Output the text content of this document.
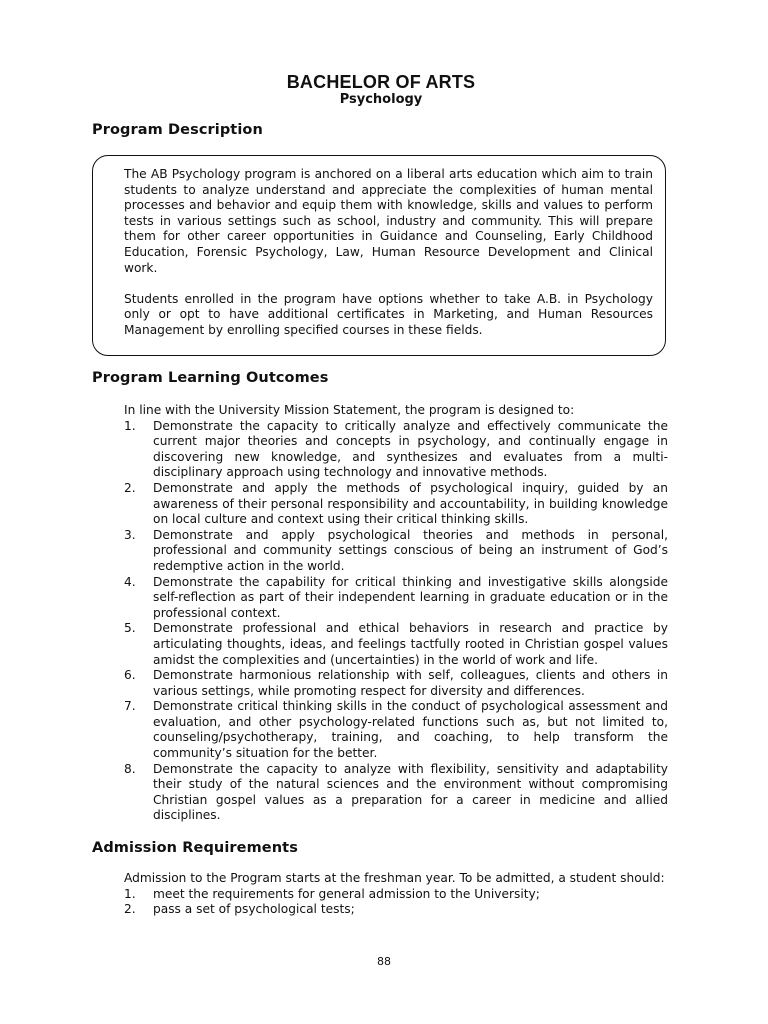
BACHELOR OF ARTS
Psychology
Program Description

The AB Psychology program is anchored on a liberal arts education which aim to train students to analyze understand and appreciate the complexities of human mental processes and behavior and equip them with knowledge, skills and values to perform tests in various settings such as school, industry and community. This will prepare them for other career opportunities in Guidance and Counseling, Early Childhood Education, Forensic Psychology, Law, Human Resource Development and Clinical work.

Students enrolled in the program have options whether to take A.B. in Psychology only or opt to have additional certificates in Marketing, and Human Resources Management by enrolling specified courses in these fields.

Program Learning Outcomes

In line with the University Mission Statement, the program is designed to:

1. Demonstrate the capacity to critically analyze and effectively communicate the current major theories and concepts in psychology, and continually engage in discovering new knowledge, and synthesizes and evaluates from a multi-disciplinary approach using technology and innovative methods.
2. Demonstrate and apply the methods of psychological inquiry, guided by an awareness of their personal responsibility and accountability, in building knowledge on local culture and context using their critical thinking skills.
3. Demonstrate and apply psychological theories and methods in personal, professional and community settings conscious of being an instrument of God’s redemptive action in the world.
4. Demonstrate the capability for critical thinking and investigative skills alongside self-reflection as part of their independent learning in graduate education or in the professional context.
5. Demonstrate professional and ethical behaviors in research and practice by articulating thoughts, ideas, and feelings tactfully rooted in Christian gospel values amidst the complexities and (uncertainties) in the world of work and life.
6. Demonstrate harmonious relationship with self, colleagues, clients and others in various settings, while promoting respect for diversity and differences.
7. Demonstrate critical thinking skills in the conduct of psychological assessment and evaluation, and other psychology-related functions such as, but not limited to, counseling/psychotherapy, training, and coaching, to help transform the community’s situation for the better.
8. Demonstrate the capacity to analyze with flexibility, sensitivity and adaptability their study of the natural sciences and the environment without compromising Christian gospel values as a preparation for a career in medicine and allied disciplines.
Admission Requirements

Admission to the Program starts at the freshman year. To be admitted, a student should:

1. meet the requirements for general admission to the University;
2. pass a set of psychological tests;
88
